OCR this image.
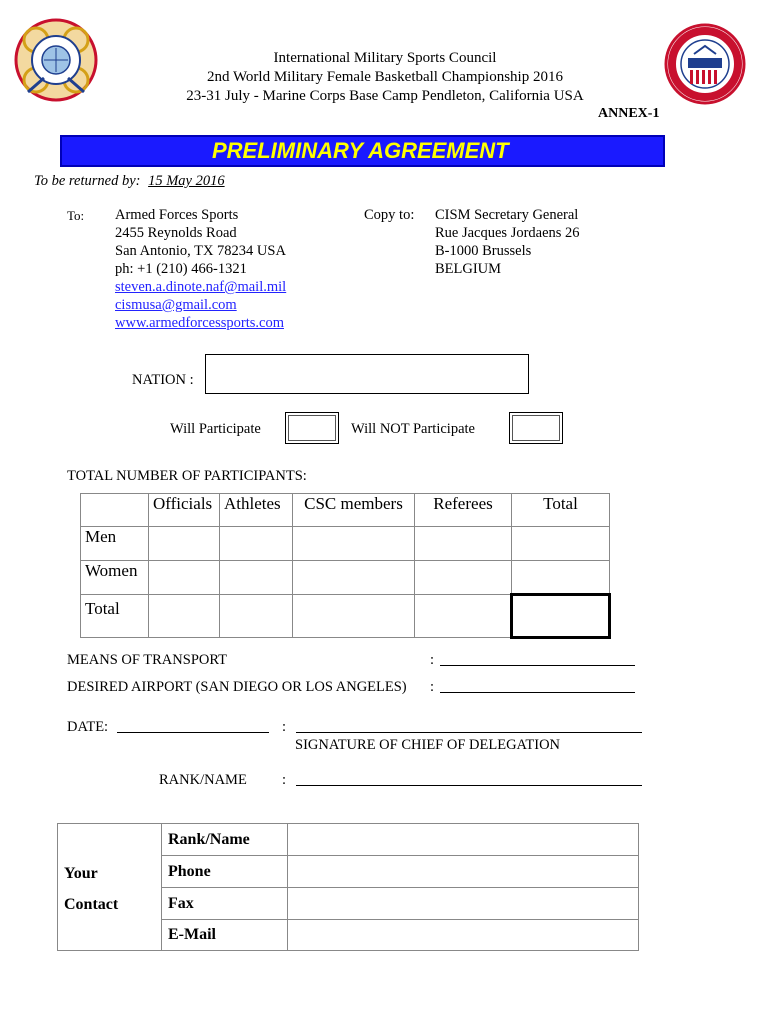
International Military Sports Council
2nd World Military Female Basketball Championship 2016
23-31 July - Marine Corps Base Camp Pendleton, California USA
ANNEX-1
PRELIMINARY AGREEMENT
To be returned by: 15 May 2016
To: Armed Forces Sports
2455 Reynolds Road
San Antonio, TX 78234 USA
ph: +1 (210) 466-1321
steven.a.dinote.naf@mail.mil
cismusa@gmail.com
www.armedforcessports.com
Copy to: CISM Secretary General
Rue Jacques Jordaens 26
B-1000 Brussels
BELGIUM
NATION :
Will Participate	Will NOT Participate
TOTAL NUMBER OF PARTICIPANTS:
	Officials	Athletes	CSC members	Referees	Total
Men					
Women					
Total					
MEANS OF TRANSPORT	:
DESIRED AIRPORT (SAN DIEGO OR LOS ANGELES) :
DATE:	:
SIGNATURE OF CHIEF OF DELEGATION
RANK/NAME :
Your
Contact	Rank/Name	
	Phone	
	Fax	
	E-Mail	
